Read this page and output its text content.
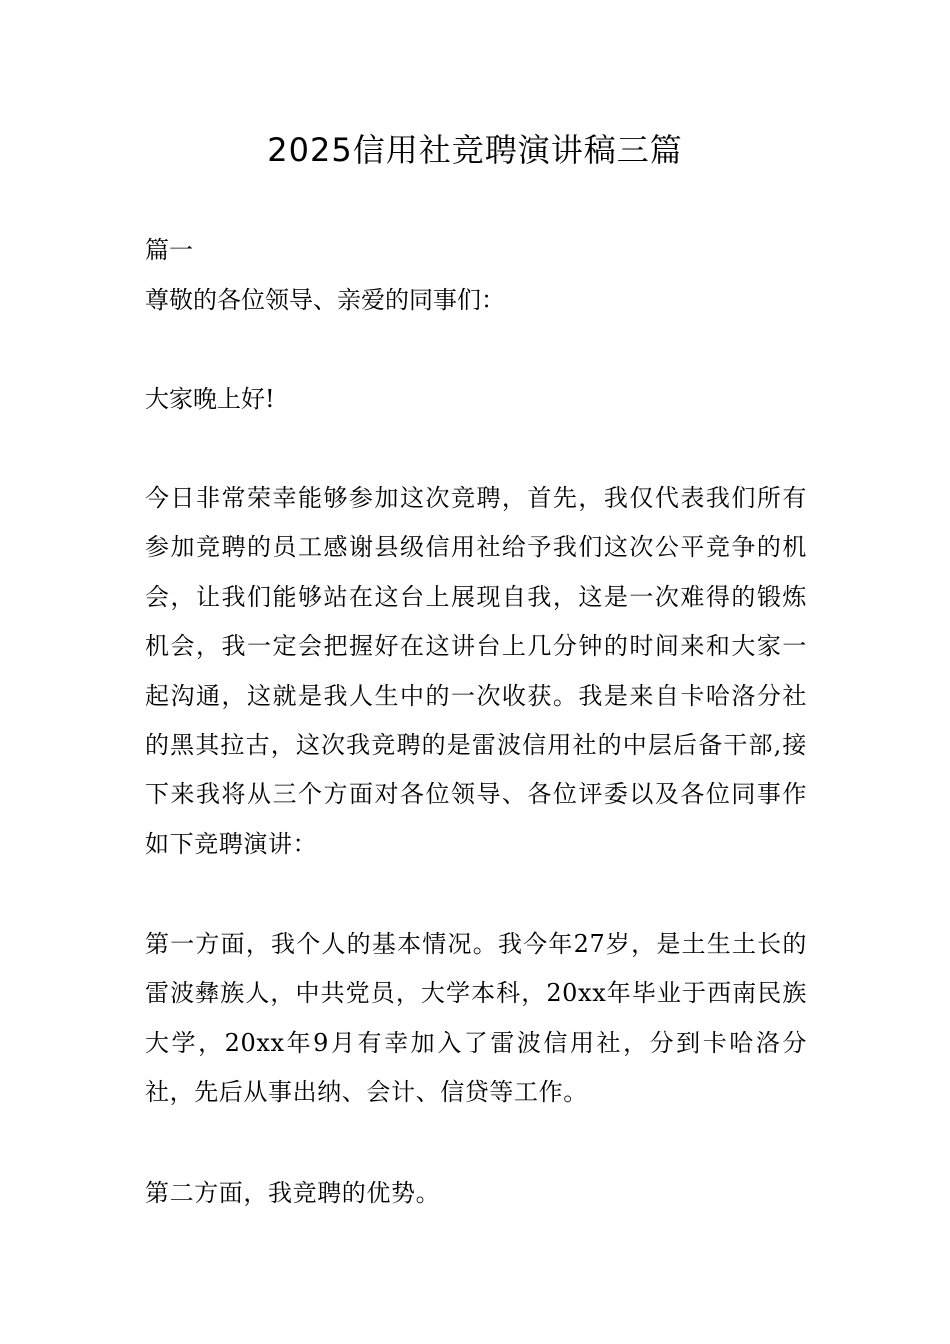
2025信用社竞聘演讲稿三篇
篇一
尊敬的各位领导、亲爱的同事们：
大家晚上好!
今日非常荣幸能够参加这次竞聘，首先，我仅代表我们所有参加竞聘的员工感谢县级信用社给予我们这次公平竞争的机会，让我们能够站在这台上展现自我，这是一次难得的锻炼机会，我一定会把握好在这讲台上几分钟的时间来和大家一起沟通，这就是我人生中的一次收获。我是来自卡哈洛分社的黑其拉古，这次我竞聘的是雷波信用社的中层后备干部,接下来我将从三个方面对各位领导、各位评委以及各位同事作如下竞聘演讲：
第一方面，我个人的基本情况。我今年27岁，是土生土长的雷波彝族人，中共党员，大学本科，20xx年毕业于西南民族大学，20xx年9月有幸加入了雷波信用社，分到卡哈洛分社，先后从事出纳、会计、信贷等工作。
第二方面，我竞聘的优势。
